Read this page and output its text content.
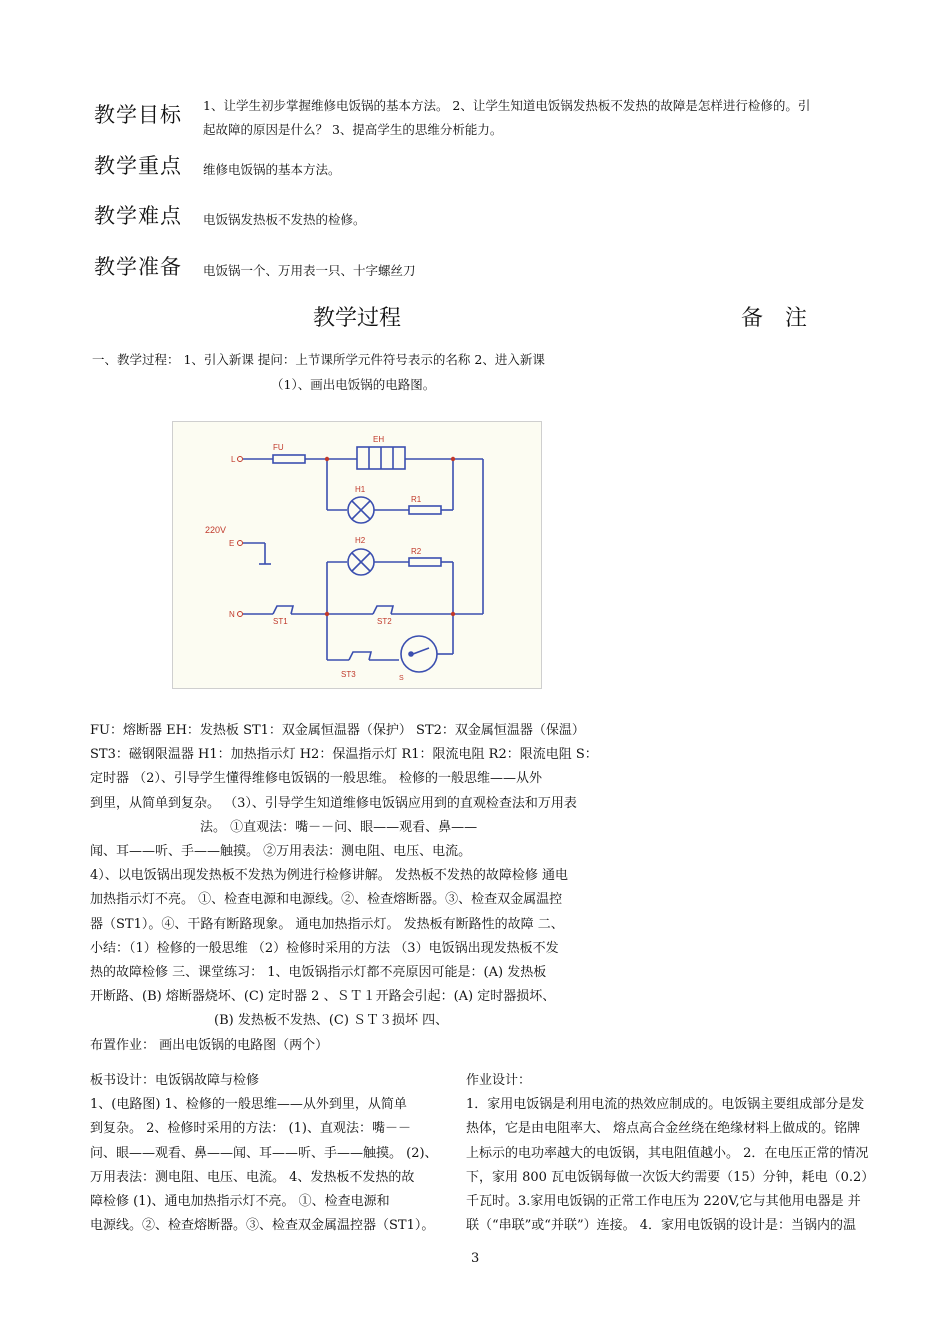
教学目标 1、让学生初步掌握维修电饭锅的基本方法。 2、让学生知道电饭锅发热板不发热的故障是怎样进行检修的。引
起故障的原因是什么？ 3、提高学生的思维分析能力。
教学重点 维修电饭锅的基本方法。
教学难点 电饭锅发热板不发热的检修。
教学准备 电饭锅一个、万用表一只、十字螺丝刀
教学过程	备　注
一、教学过程： 1、引入新课 提问：上节课所学元件符号表示的名称 2、进入新课
（1）、画出电饭锅的电路图。
L
FU
EH
H1
R1
220V
E	H2
R2
N
ST1	ST2
ST3	S
FU：熔断器 EH：发热板 ST1：双金属恒温器（保护） ST2：双金属恒温器（保温）
ST3：磁钢限温器 H1：加热指示灯 H2：保温指示灯 R1：限流电阻 R2：限流电阻 S：
定时器 （2）、引导学生懂得维修电饭锅的一般思维。 检修的一般思维——从外
到里，从简单到复杂。 （3）、引导学生知道维修电饭锅应用到的直观检查法和万用表
法。 ①直观法：嘴－－问、眼——观看、鼻——
闻、耳——听、手——触摸。 ②万用表法：测电阻、电压、电流。
4）、以电饭锅出现发热板不发热为例进行检修讲解。 发热板不发热的故障检修 通电
加热指示灯不亮。 ①、检查电源和电源线。②、检查熔断器。③、检查双金属温控
器（ST1）。④、干路有断路现象。 通电加热指示灯。 发热板有断路性的故障 二、
小结：（1）检修的一般思维 （2）检修时采用的方法 （3）电饭锅出现发热板不发
热的故障检修 三、课堂练习： 1、电饭锅指示灯都不亮原因可能是：(A) 发热板
开断路、(B) 熔断器烧坏、(C) 定时器 2 、ＳＴ１开路会引起：(A) 定时器损坏、
(B) 发热板不发热、(C) ＳＴ３损坏 四、
布置作业： 画出电饭锅的电路图（两个）
板书设计：电饭锅故障与检修
1、(电路图) 1、检修的一般思维——从外到里，从简单
到复杂。 2、检修时采用的方法： (1)、直观法：嘴－－
问、眼——观看、鼻——闻、耳——听、手——触摸。 (2)、
万用表法：测电阻、电压、电流。 4、发热板不发热的故
障检修 (1)、通电加热指示灯不亮。 ①、检查电源和
电源线。②、检查熔断器。③、检查双金属温控器（ST1）。
作业设计：
1．家用电饭锅是利用电流的热效应制成的。电饭锅主要组成部分是发
热体，它是由电阻率大、 熔点高合金丝绕在绝缘材料上做成的。铭牌
上标示的电功率越大的电饭锅，其电阻值越小。 2．在电压正常的情况
下，家用 800 瓦电饭锅每做一次饭大约需要（15）分钟，耗电（0.2）
千瓦时。3.家用电饭锅的正常工作电压为 220V,它与其他用电器是 并
联（“串联”或“并联”）连接。 4．家用电饭锅的设计是：当锅内的温
3
